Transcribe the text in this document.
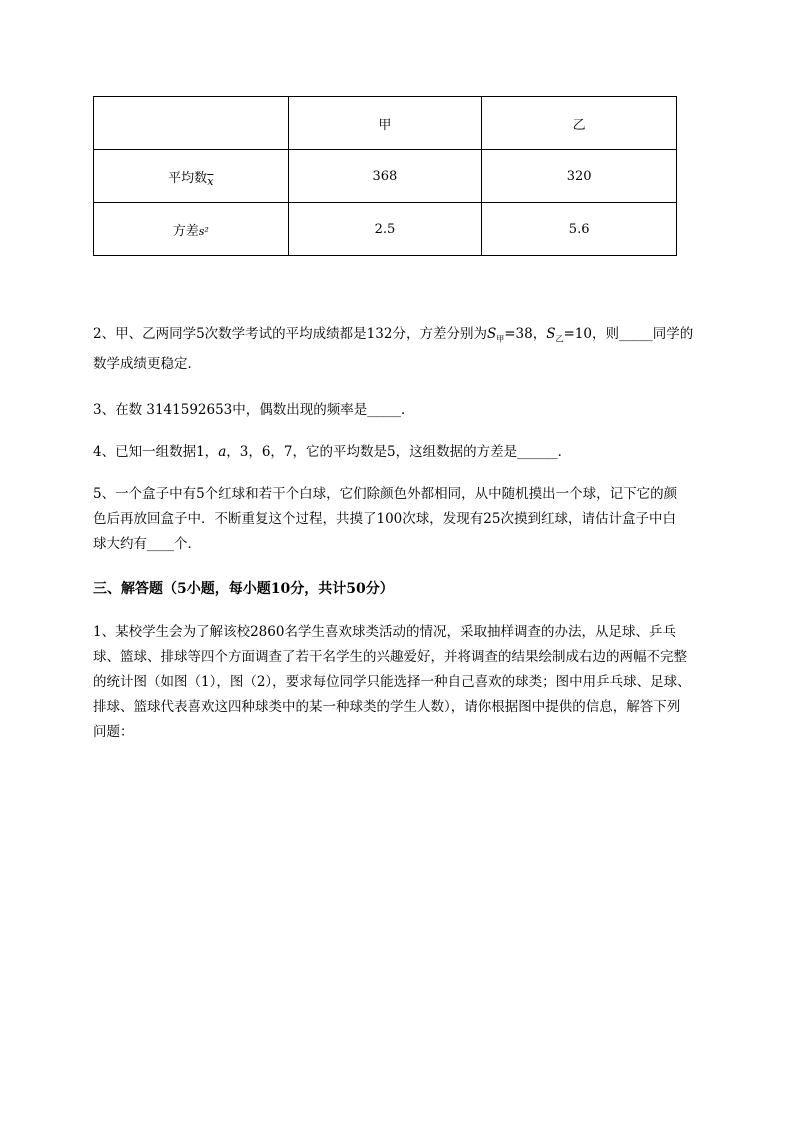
	甲	乙
平均数$_{\overline{x}}$	368	320
方差s²	2.5	5.6

2、甲、乙两同学5次数学考试的平均成绩都是132分，方差分别为$S_甲=38$，$S_乙=10$，则_____同学的
数学成绩更稳定．

3、在数 3141592653中，偶数出现的频率是_____．

4、已知一组数据1，a，3，6，7，它的平均数是5，这组数据的方差是______．

5、一个盒子中有5个红球和若干个白球，它们除颜色外都相同，从中随机摸出一个球，记下它的颜
色后再放回盒子中．不断重复这个过程，共摸了100次球，发现有25次摸到红球，请估计盒子中白
球大约有____个．

三、解答题（5小题，每小题10分，共计50分）

1、某校学生会为了解该校2860名学生喜欢球类活动的情况，采取抽样调查的办法，从足球、乒乓
球、篮球、排球等四个方面调查了若干名学生的兴趣爱好，并将调查的结果绘制成右边的两幅不完整
的统计图（如图（1），图（2），要求每位同学只能选择一种自己喜欢的球类；图中用乒乓球、足球、
排球、篮球代表喜欢这四种球类中的某一种球类的学生人数），请你根据图中提供的信息，解答下列
问题：
